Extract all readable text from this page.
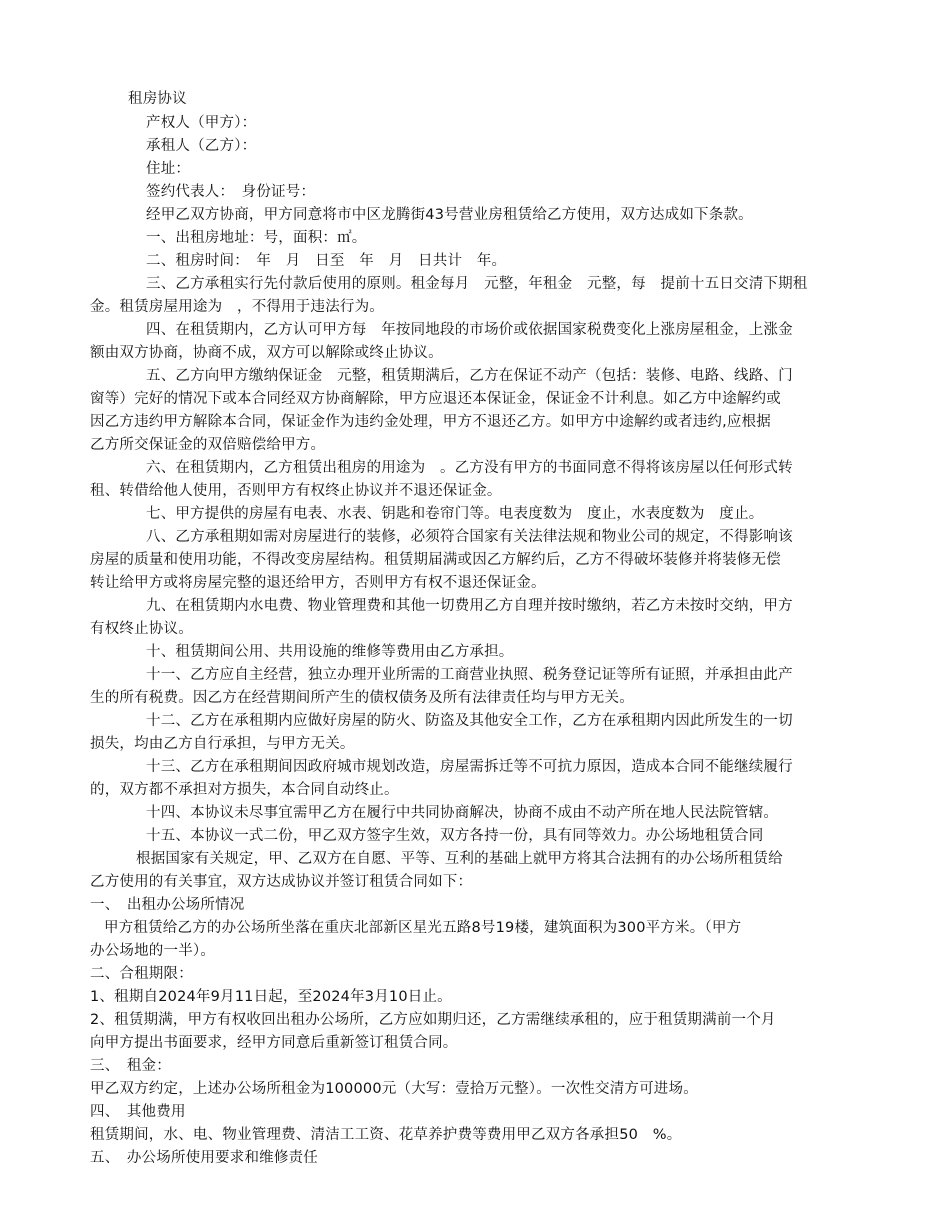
租房协议
产权人（甲方）：
承租人（乙方）：
住址：
签约代表人：　身份证号：
经甲乙双方协商，甲方同意将市中区龙腾街43号营业房租赁给乙方使用，双方达成如下条款。
一、出租房地址：号，面积：㎡。
二、租房时间：　年　月　日至　年　月　日共计　年。
三、乙方承租实行先付款后使用的原则。租金每月　元整，年租金　元整，每　提前十五日交清下期租
金。租赁房屋用途为　，不得用于违法行为。
四、在租赁期内，乙方认可甲方每　年按同地段的市场价或依据国家税费变化上涨房屋租金，上涨金
额由双方协商，协商不成，双方可以解除或终止协议。
五、乙方向甲方缴纳保证金　元整，租赁期满后，乙方在保证不动产（包括：装修、电路、线路、门
窗等）完好的情况下或本合同经双方协商解除，甲方应退还本保证金，保证金不计利息。如乙方中途解约或
因乙方违约甲方解除本合同，保证金作为违约金处理，甲方不退还乙方。如甲方中途解约或者违约,应根据
乙方所交保证金的双倍赔偿给甲方。
六、在租赁期内，乙方租赁出租房的用途为　。乙方没有甲方的书面同意不得将该房屋以任何形式转
租、转借给他人使用，否则甲方有权终止协议并不退还保证金。
七、甲方提供的房屋有电表、水表、钥匙和卷帘门等。电表度数为　度止，水表度数为　度止。
八、乙方承租期如需对房屋进行的装修，必须符合国家有关法律法规和物业公司的规定，不得影响该
房屋的质量和使用功能，不得改变房屋结构。租赁期届满或因乙方解约后，乙方不得破坏装修并将装修无偿
转让给甲方或将房屋完整的退还给甲方，否则甲方有权不退还保证金。
九、在租赁期内水电费、物业管理费和其他一切费用乙方自理并按时缴纳，若乙方未按时交纳，甲方
有权终止协议。
十、租赁期间公用、共用设施的维修等费用由乙方承担。
十一、乙方应自主经营，独立办理开业所需的工商营业执照、税务登记证等所有证照，并承担由此产
生的所有税费。因乙方在经营期间所产生的债权债务及所有法律责任均与甲方无关。
十二、乙方在承租期内应做好房屋的防火、防盗及其他安全工作，乙方在承租期内因此所发生的一切
损失，均由乙方自行承担，与甲方无关。
十三、乙方在承租期间因政府城市规划改造，房屋需拆迁等不可抗力原因，造成本合同不能继续履行
的，双方都不承担对方损失，本合同自动终止。
十四、本协议未尽事宜需甲乙方在履行中共同协商解决，协商不成由不动产所在地人民法院管辖。
十五、本协议一式二份，甲乙双方签字生效，双方各持一份，具有同等效力。办公场地租赁合同
根据国家有关规定，甲、乙双方在自愿、平等、互利的基础上就甲方将其合法拥有的办公场所租赁给
乙方使用的有关事宜，双方达成协议并签订租赁合同如下：
一、　出租办公场所情况
甲方租赁给乙方的办公场所坐落在重庆北部新区星光五路8号19楼，建筑面积为300平方米。（甲方
办公场地的一半）。
二、合租期限：
1、租期自2024年9月11日起，至2024年3月10日止。
2、租赁期满，甲方有权收回出租办公场所，乙方应如期归还，乙方需继续承租的，应于租赁期满前一个月
向甲方提出书面要求，经甲方同意后重新签订租赁合同。
三、　租金：
甲乙双方约定，上述办公场所租金为100000元（大写：壹拾万元整）。一次性交清方可进场。
四、　其他费用
租赁期间，水、电、物业管理费、清洁工工资、花草养护费等费用甲乙双方各承担50　%。
五、　办公场所使用要求和维修责任
